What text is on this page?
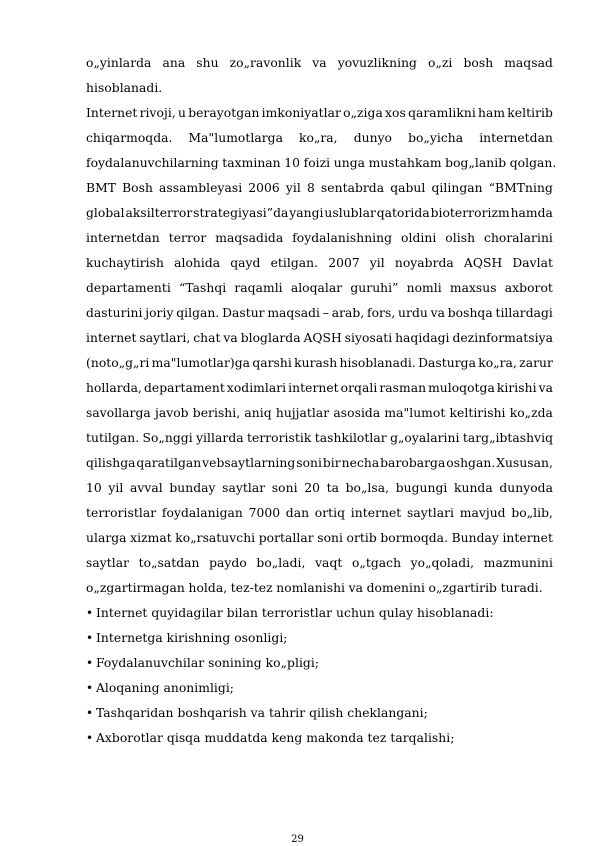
o„yinlarda ana shu zo„ravonlik va yovuzlikning o„zi bosh maqsad
hisoblanadi.
Internet rivoji, u berayotgan imkoniyatlar o„ziga xos qaramlikni ham keltirib
chiqarmoqda. Ma"lumotlarga ko„ra, dunyo bo„yicha internetdan
foydalanuvchilarning taxminan 10 foizi unga mustahkam bog„lanib qolgan.
BMT Bosh assambleyasi 2006 yil 8 sentabrda qabul qilingan “BMTning
global aksilterror strategiyasi”da yangi uslublar qatorida bioterrorizm hamda
internetdan terror maqsadida foydalanishning oldini olish choralarini
kuchaytirish alohida qayd etilgan. 2007 yil noyabrda AQSH Davlat
departamenti “Tashqi raqamli aloqalar guruhi” nomli maxsus axborot
dasturini joriy qilgan. Dastur maqsadi – arab, fors, urdu va boshqa tillardagi
internet saytlari, chat va bloglarda AQSH siyosati haqidagi dezinformatsiya
(noto„g„ri ma"lumotlar)ga qarshi kurash hisoblanadi. Dasturga ko„ra, zarur
hollarda, departament xodimlari internet orqali rasman muloqotga kirishi va
savollarga javob berishi, aniq hujjatlar asosida ma"lumot keltirishi ko„zda
tutilgan. So„nggi yillarda terroristik tashkilotlar g„oyalarini targ„ibtashviq
qilishga qaratilgan vebsaytlarning soni bir necha barobarga oshgan. Xususan,
10 yil avval bunday saytlar soni 20 ta bo„lsa, bugungi kunda dunyoda
terroristlar foydalanigan 7000 dan ortiq internet saytlari mavjud bo„lib,
ularga xizmat ko„rsatuvchi portallar soni ortib bormoqda. Bunday internet
saytlar to„satdan paydo bo„ladi, vaqt o„tgach yo„qoladi, mazmunini
o„zgartirmagan holda, tez-tez nomlanishi va domenini o„zgartirib turadi.
• Internet quyidagilar bilan terroristlar uchun qulay hisoblanadi:
• Internetga kirishning osonligi;
• Foydalanuvchilar sonining ko„pligi;
• Aloqaning anonimligi;
• Tashqaridan boshqarish va tahrir qilish cheklangani;
• Axborotlar qisqa muddatda keng makonda tez tarqalishi;
29
